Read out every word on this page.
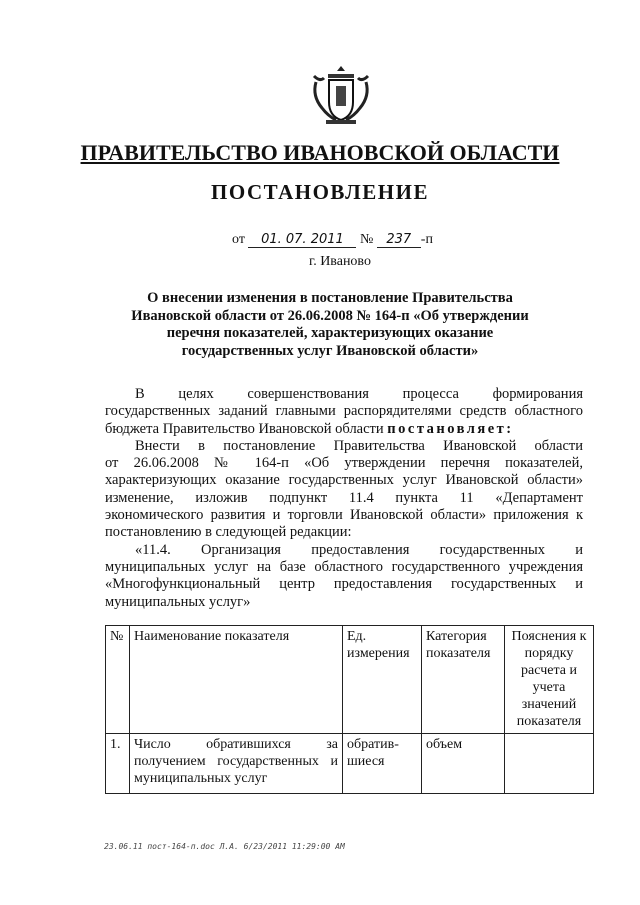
ПРАВИТЕЛЬСТВО ИВАНОВСКОЙ ОБЛАСТИ
ПОСТАНОВЛЕНИЕ
от 01. 07. 2011 № 237 -п
г. Иваново
О внесении изменения в постановление Правительства
Ивановской области от 26.06.2008 № 164-п «Об утверждении
перечня показателей, характеризующих оказание
государственных услуг Ивановской области»
В целях совершенствования процесса формирования
государственных заданий главными распорядителями средств областного
бюджета Правительство Ивановской области постановляет:
Внести в постановление Правительства Ивановской области
от 26.06.2008 № 164-п «Об утверждении перечня показателей,
характеризующих оказание государственных услуг Ивановской области»
изменение, изложив подпункт 11.4 пункта 11 «Департамент
экономического развития и торговли Ивановской области» приложения к
постановлению в следующей редакции:
«11.4. Организация предоставления государственных и
муниципальных услуг на базе областного государственного учреждения
«Многофункциональный центр предоставления государственных и
муниципальных услуг»
№	Наименование показателя	Ед. измерения	Категория показателя	Пояснения к порядку расчета и учета значений показателя
1.	Число обратившихся за получением государственных и муниципальных услуг	обратив-шиеся	объем	
23.06.11 пост-164-п.doc Л.А. 6/23/2011 11:29:00 AM
